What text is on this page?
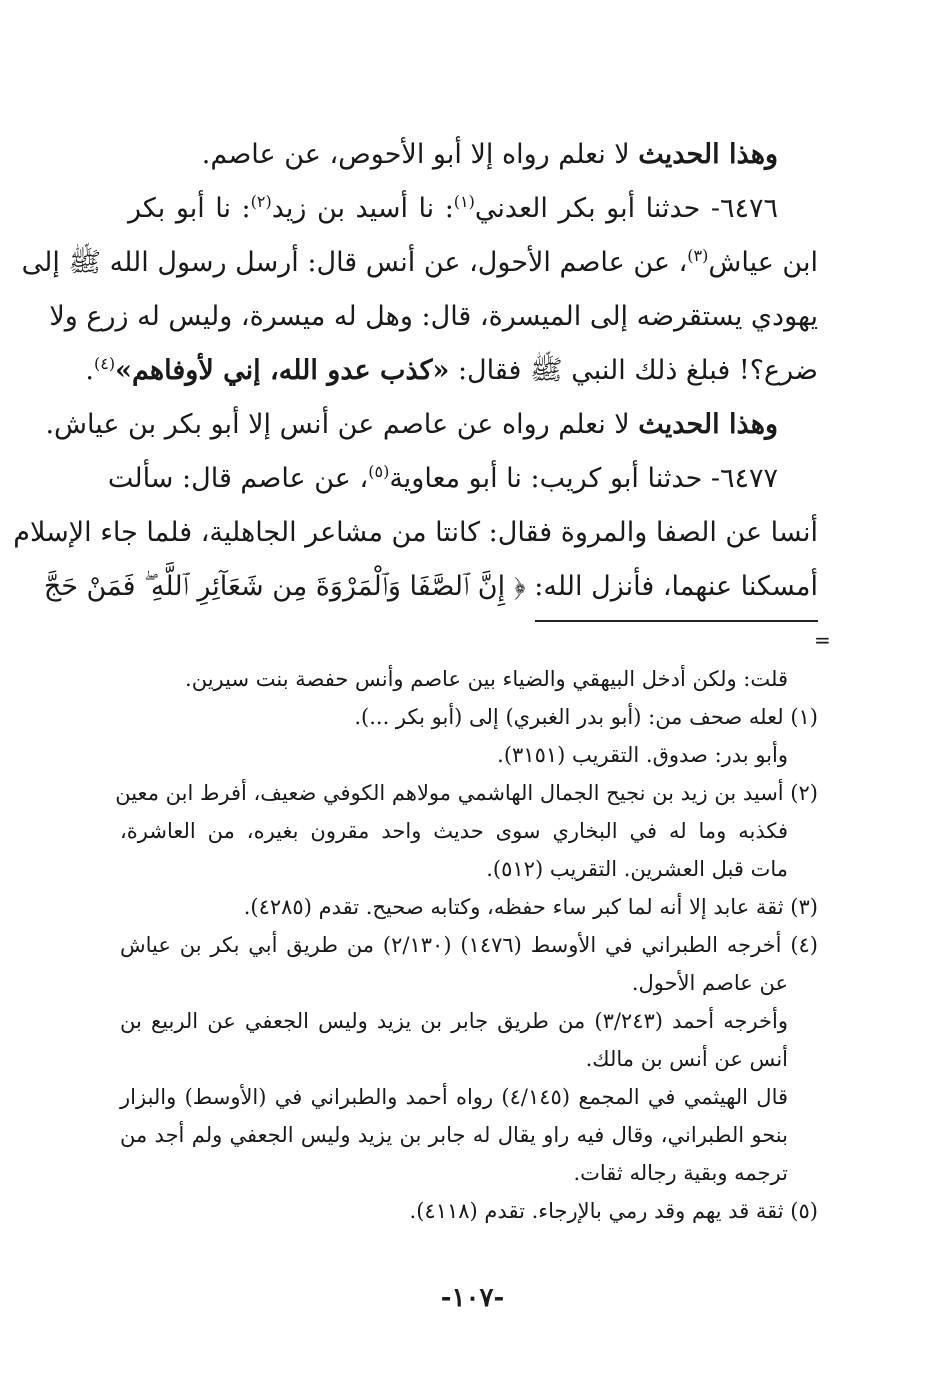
وهذا الحديث لا نعلم رواه إلا أبو الأحوص، عن عاصم.
٦٤٧٦- حدثنا أبو بكر العدني$^{(١)}$: نا أسيد بن زيد$^{(٢)}$: نا أبو بكر
ابن عياش$^{(٣)}$، عن عاصم الأحول، عن أنس قال: أرسل رسول الله ﷺ إلى
يهودي يستقرضه إلى الميسرة، قال: وهل له ميسرة، وليس له زرع ولا
ضرع؟! فبلغ ذلك النبي ﷺ فقال: «كذب عدو الله، إني لأوفاهم»$^{(٤)}$.
وهذا الحديث لا نعلم رواه عن عاصم عن أنس إلا أبو بكر بن عياش.
٦٤٧٧- حدثنا أبو كريب: نا أبو معاوية$^{(٥)}$، عن عاصم قال: سألت
أنسا عن الصفا والمروة فقال: كانتا من مشاعر الجاهلية، فلما جاء الإسلام
أمسكنا عنهما، فأنزل الله: ﴿ إِنَّ ٱلصَّفَا وَٱلْمَرْوَةَ مِن شَعَآئِرِ ٱللَّهِ ۖ فَمَنْ حَجَّ
=
قلت: ولكن أدخل البيهقي والضياء بين عاصم وأنس حفصة بنت سيرين.
(١) لعله صحف من: (أبو بدر الغبري) إلى (أبو بكر ...).
وأبو بدر: صدوق. التقريب (٣١٥١).
(٢) أسيد بن زيد بن نجيح الجمال الهاشمي مولاهم الكوفي ضعيف، أفرط ابن معين
فكذبه وما له في البخاري سوى حديث واحد مقرون بغيره، من العاشرة،
مات قبل العشرين. التقريب (٥١٢).
(٣) ثقة عابد إلا أنه لما كبر ساء حفظه، وكتابه صحيح. تقدم (٤٢٨٥).
(٤) أخرجه الطبراني في الأوسط (١٤٧٦) (٢/١٣٠) من طريق أبي بكر بن عياش
عن عاصم الأحول.
وأخرجه أحمد (٣/٢٤٣) من طريق جابر بن يزيد وليس الجعفي عن الربيع بن
أنس عن أنس بن مالك.
قال الهيثمي في المجمع (٤/١٤٥) رواه أحمد والطبراني في (الأوسط) والبزار
بنحو الطبراني، وقال فيه راو يقال له جابر بن يزيد وليس الجعفي ولم أجد من
ترجمه وبقية رجاله ثقات.
(٥) ثقة قد يهم وقد رمي بالإرجاء. تقدم (٤١١٨).
-١٠٧-
